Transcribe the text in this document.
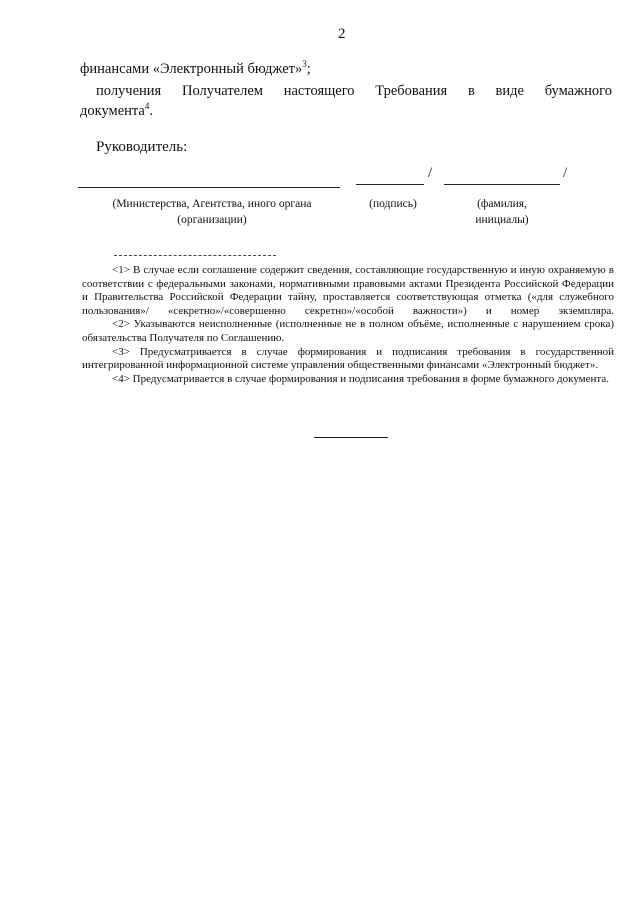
2
финансами «Электронный бюджет»$^3$;
получения Получателем настоящего Требования в виде бумажного
документа$^4$.
Руководитель:
/	/
(Министерства, Агентства, иного органа
(организации)
(подпись)	(фамилия,
инициалы)

<1> В случае если соглашение содержит сведения, составляющие государственную и иную охраняемую в соответствии с федеральными законами, нормативными правовыми актами Президента Российской Федерации и Правительства Российской Федерации тайну, проставляется соответствующая отметка («для служебного пользования»/ «секретно»/«совершенно секретно»/«особой важности») и номер экземпляра.

<2> Указываются неисполненные (исполненные не в полном объёме, исполненные с нарушением срока) обязательства Получателя по Соглашению.

<3> Предусматривается в случае формирования и подписания требования в государственной интегрированной информационной системе управления общественными финансами «Электронный бюджет».

<4> Предусматривается в случае формирования и подписания требования в форме бумажного документа.
